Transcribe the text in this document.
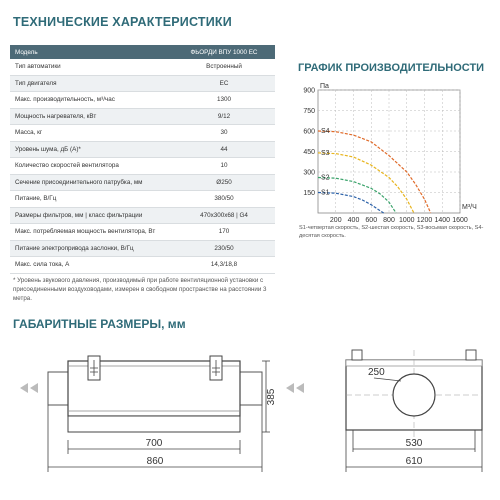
ТЕХНИЧЕСКИЕ ХАРАКТЕРИСТИКИ
Модель	ФЬОРДИ ВПУ 1000 ЕС
Тип автоматики	Встроенный
Тип двигателя	EC
Макс. производительность, м³/час	1300
Мощность нагревателя, кВт	9/12
Масса, кг	30
Уровень шума, дБ (А)*	44
Количество скоростей вентилятора	10
Сечение присоединительного патрубка, мм	Ø250
Питание, В/Гц	380/50
Размеры фильтров, мм | класс фильтрации	470x300x68 | G4
Макс. потребляемая мощность вентилятора, Вт	170
Питание электропривода заслонки, В/Гц	230/50
Макс. сила тока, А	14,3/18,8
* Уровень звукового давления, производимый при работе вентиляционной установки с присоединенными воздуховодами, измерен в свободном пространстве на расстоянии 3 метра.
ГРАФИК ПРОИЗВОДИТЕЛЬНОСТИ
S1-четвертая скорость, S2-шестая скорость, S3-восьмая скорость, S4-десятая скорость.
ГАБАРИТНЫЕ РАЗМЕРЫ, мм
200 400 600 800 1000 1200 1400 1600
150
300
450
600
750
900
Па
М³/Ч
S1
S2
S3
S4
385
700
860
250
530
610
